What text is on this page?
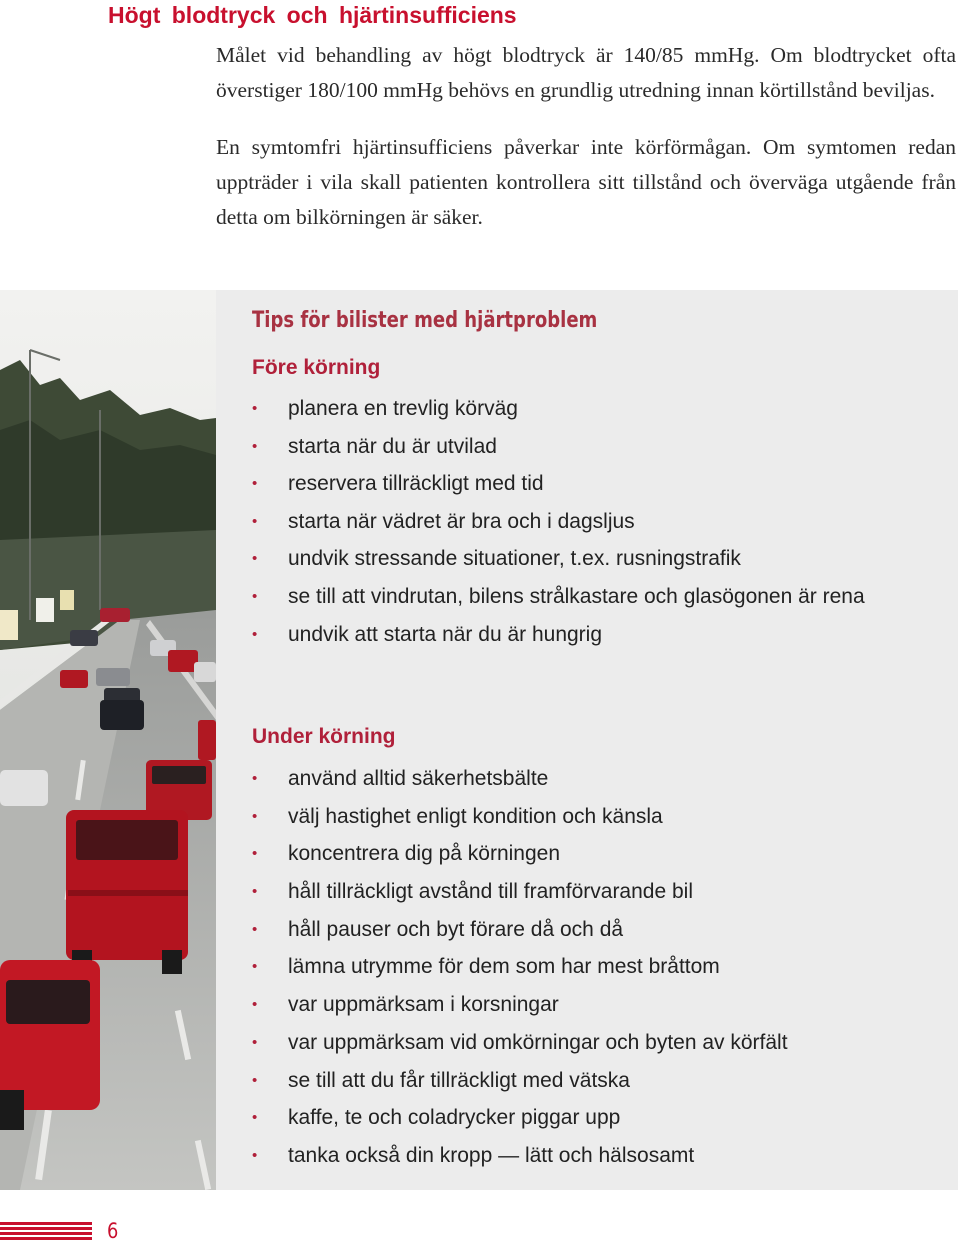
Högt blodtryck och hjärtinsufficiens

Målet vid behandling av högt blodtryck är 140/85 mmHg. Om blodtrycket ofta överstiger 180/100 mmHg behövs en grundlig utredning innan körtillstånd beviljas.

En symtomfri hjärtinsufficiens påverkar inte körförmågan. Om symtomen redan uppträder i vila skall patienten kontrollera sitt tillstånd och överväga utgående från detta om bilkörningen är säker.

Tips för bilister med hjärtproblem
Före körning
• planera en trevlig körväg
• starta när du är utvilad
• reservera tillräckligt med tid
• starta när vädret är bra och i dagsljus
• undvik stressande situationer, t.ex. rusningstrafik
• se till att vindrutan, bilens strålkastare och glasögonen är rena
• undvik att starta när du är hungrig
Under körning
• använd alltid säkerhetsbälte
• välj hastighet enligt kondition och känsla
• koncentrera dig på körningen
• håll tillräckligt avstånd till framförvarande bil
• håll pauser och byt förare då och då
• lämna utrymme för dem som har mest bråttom
• var uppmärksam i korsningar
• var uppmärksam vid omkörningar och byten av körfält
• se till att du får tillräckligt med vätska
• kaffe, te och coladrycker piggar upp
• tanka också din kropp — lätt och hälsosamt
6
